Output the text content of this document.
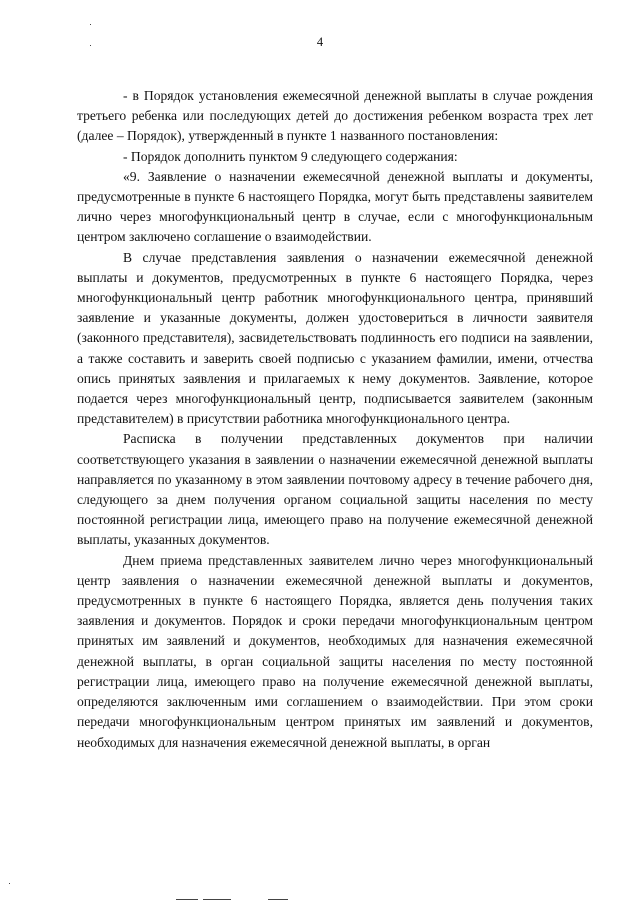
4

- в Порядок установления ежемесячной денежной выплаты в случае рождения третьего ребенка или последующих детей до достижения ребенком возраста трех лет (далее – Порядок), утвержденный в пункте 1 названного постановления:

- Порядок дополнить пунктом 9 следующего содержания:

«9. Заявление о назначении ежемесячной денежной выплаты и документы, предусмотренные в пункте 6 настоящего Порядка, могут быть представлены заявителем лично через многофункциональный центр в случае, если с многофункциональным центром заключено соглашение о взаимодействии.

В случае представления заявления о назначении ежемесячной денежной выплаты и документов, предусмотренных в пункте 6 настоящего Порядка, через многофункциональный центр работник многофункционального центра, принявший заявление и указанные документы, должен удостовериться в личности заявителя (законного представителя), засвидетельствовать подлинность его подписи на заявлении, а также составить и заверить своей подписью с указанием фамилии, имени, отчества опись принятых заявления и прилагаемых к нему документов. Заявление, которое подается через многофункциональный центр, подписывается заявителем (законным представителем) в присутствии работника многофункционального центра.

Расписка в получении представленных документов при наличии соответствующего указания в заявлении о назначении ежемесячной денежной выплаты направляется по указанному в этом заявлении почтовому адресу в течение рабочего дня, следующего за днем получения органом социальной защиты населения по месту постоянной регистрации лица, имеющего право на получение ежемесячной денежной выплаты, указанных документов.

Днем приема представленных заявителем лично через многофункциональный центр заявления о назначении ежемесячной денежной выплаты и документов, предусмотренных в пункте 6 настоящего Порядка, является день получения таких заявления и документов. Порядок и сроки передачи многофункциональным центром принятых им заявлений и документов, необходимых для назначения ежемесячной денежной выплаты, в орган социальной защиты населения по месту постоянной регистрации лица, имеющего право на получение ежемесячной денежной выплаты, определяются заключенным ими соглашением о взаимодействии. При этом сроки передачи многофункциональным центром принятых им заявлений и документов, необходимых для назначения ежемесячной денежной выплаты, в орган
